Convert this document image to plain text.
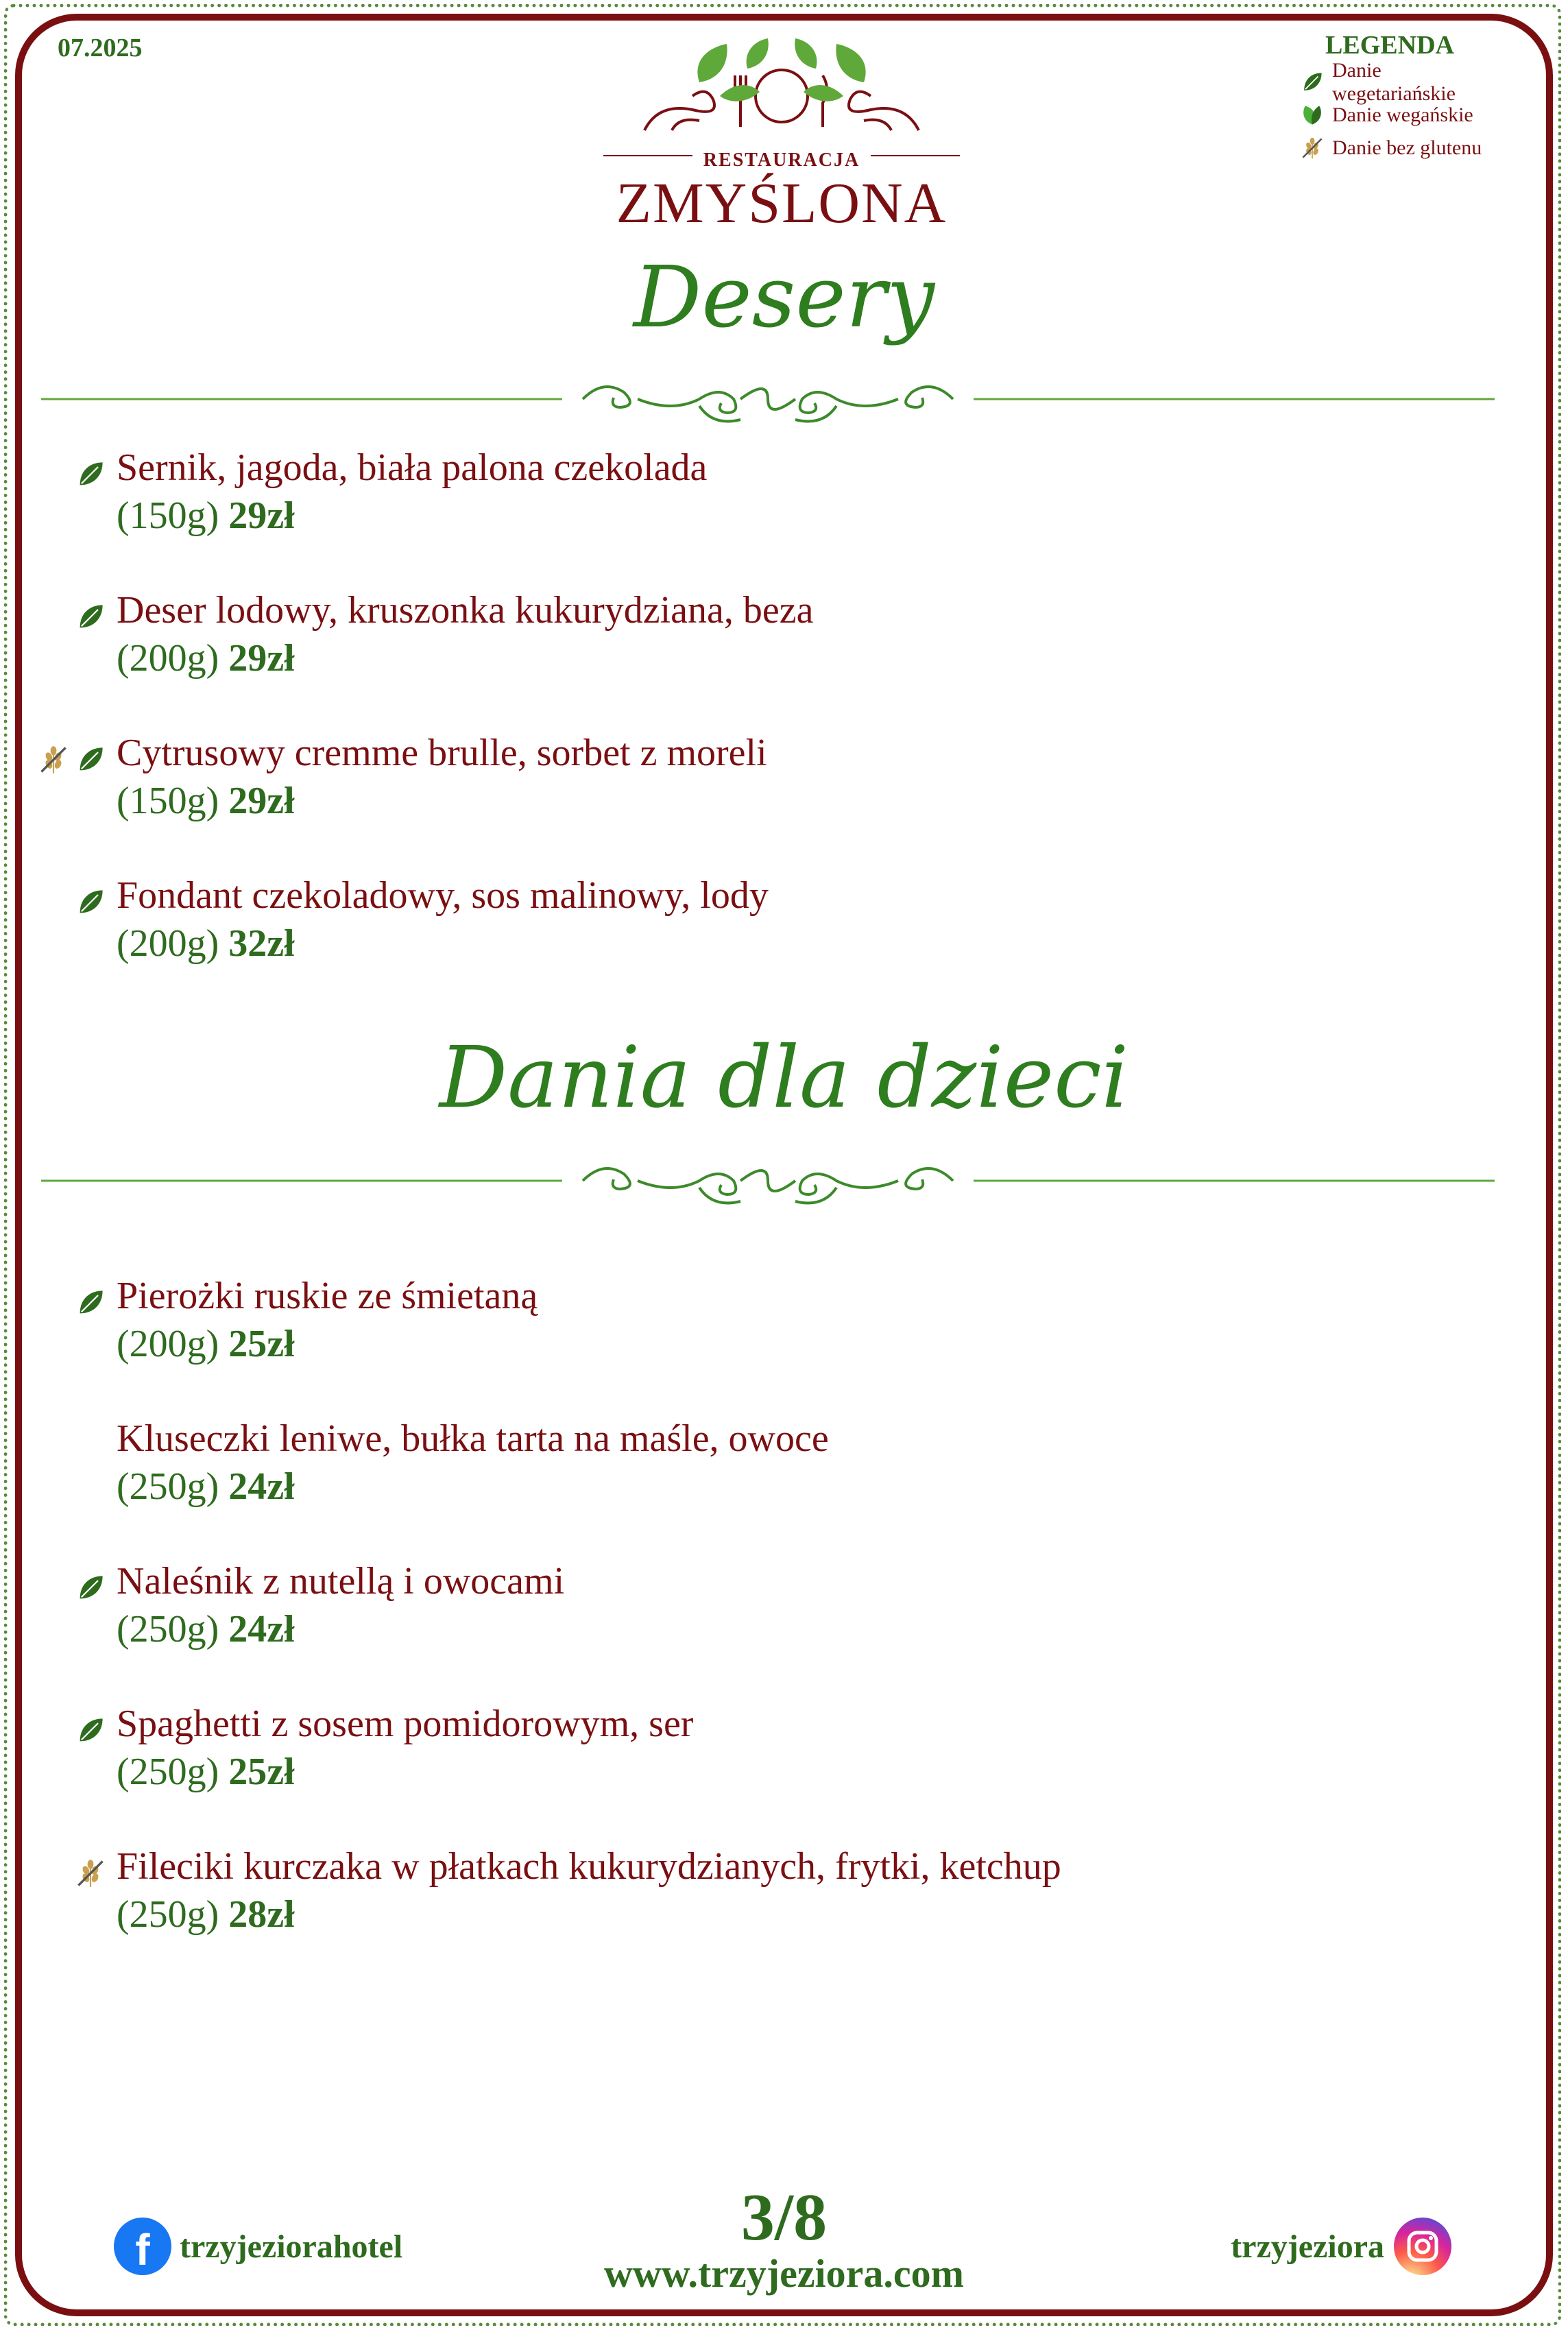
07.2025	LEGENDA
Danie wegetariańskie
Danie wegańskie
Danie bez glutenu
RESTAURACJA
ZMYŚLONA
Desery
Sernik, jagoda, biała palona czekolada
(150g) 29zł
Deser lodowy, kruszonka kukurydziana, beza
(200g) 29zł
Cytrusowy cremme brulle, sorbet z moreli
(150g) 29zł
Fondant czekoladowy, sos malinowy, lody
(200g) 32zł
Dania dla dzieci
Pierożki ruskie ze śmietaną
(200g) 25zł
Kluseczki leniwe, bułka tarta na maśle, owoce
(250g) 24zł
Naleśnik z nutellą i owocami
(250g) 24zł
Spaghetti z sosem pomidorowym, ser
(250g) 25zł
Fileciki kurczaka w płatkach kukurydzianych, frytki, ketchup
(250g) 28zł
3/8
www.trzyjeziora.com
f trzyjeziorahotel	trzyjeziora
